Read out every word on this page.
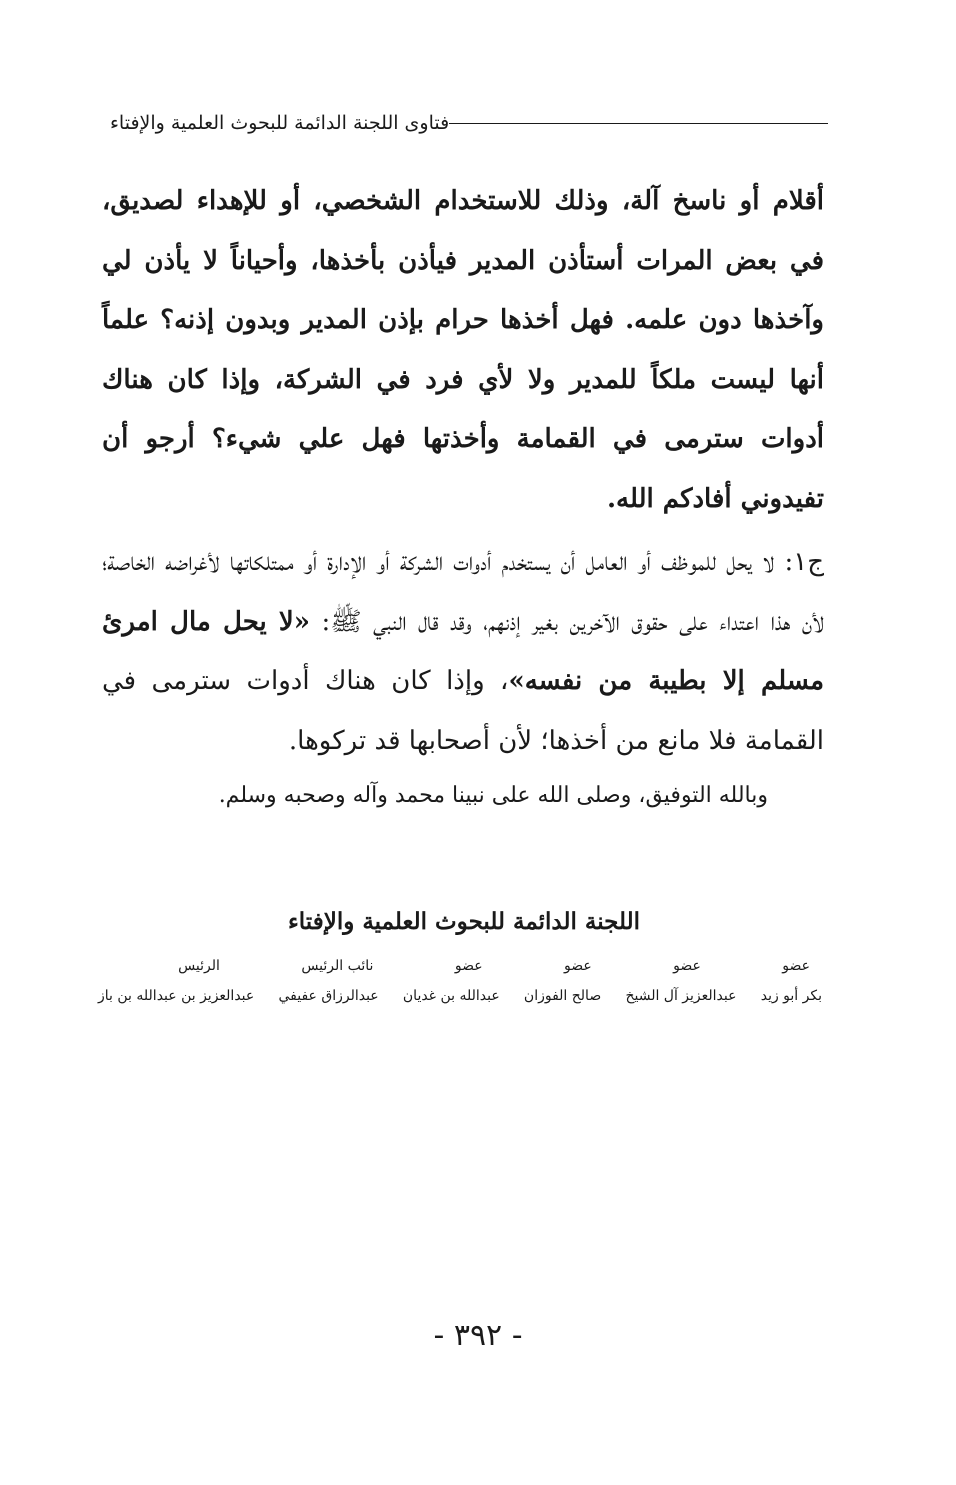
فتاوى اللجنة الدائمة للبحوث العلمية والإفتاء

أقلام أو ناسخ آلة، وذلك للاستخدام الشخصي، أو للإهداء لصديق، في بعض المرات أستأذن المدير فيأذن بأخذها، وأحياناً لا يأذن لي وآخذها دون علمه. فهل أخذها حرام بإذن المدير وبدون إذنه؟ علماً أنها ليست ملكاً للمدير ولا لأي فرد في الشركة، وإذا كان هناك أدوات سترمى في القمامة وأخذتها فهل علي شيء؟ أرجو أن تفيدوني أفادكم الله.

ج١: لا يحل للموظف أو العامل أن يستخدم أدوات الشركة أو الإدارة أو ممتلكاتها لأغراضه الخاصة؛ لأن هذا اعتداء على حقوق الآخرين بغير إذنهم، وقد قال النبي ﷺ: «لا يحل مال امرئ مسلم إلا بطيبة من نفسه»، وإذا كان هناك أدوات سترمى في القمامة فلا مانع من أخذها؛ لأن أصحابها قد تركوها.

وبالله التوفيق، وصلى الله على نبينا محمد وآله وصحبه وسلم.

اللجنة الدائمة للبحوث العلمية والإفتاء
عضو
عضو
عضو
عضو
نائب الرئيس
الرئيس
بكر أبو زيد
عبدالعزيز آل الشيخ
صالح الفوزان
عبدالله بن غديان
عبدالرزاق عفيفي
عبدالعزيز بن عبدالله بن باز
- ٣٩٢ -
